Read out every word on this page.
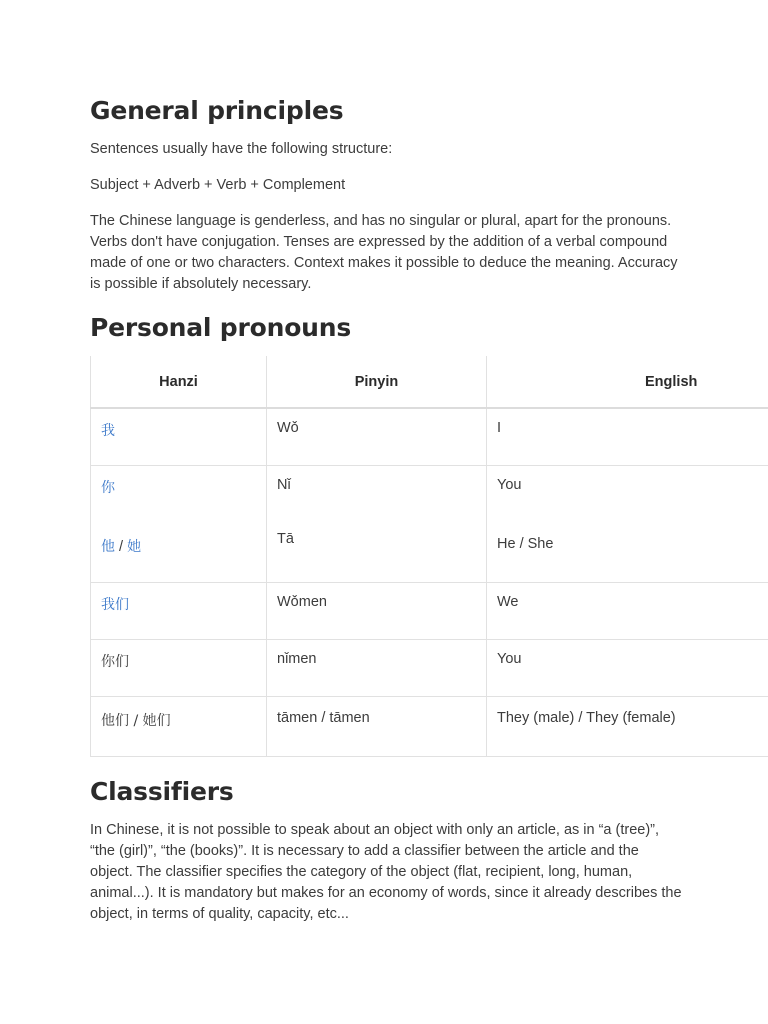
General principles

Sentences usually have the following structure:

Subject + Adverb + Verb + Complement

The Chinese language is genderless, and has no singular or plural, apart for the pronouns. Verbs don't have conjugation. Tenses are expressed by the addition of a verbal compound made of one or two characters. Context makes it possible to deduce the meaning. Accuracy is possible if absolutely necessary.

Personal pronouns
Hanzi	Pinyin	English
我	Wǒ	I
你	Nǐ	You
他 / 她	Tā	He / She
我们	Wǒmen	We
你们	nǐmen	You
他们 / 她们	tāmen / tāmen	They (male) / They (female)
Classifiers

In Chinese, it is not possible to speak about an object with only an article, as in “a (tree)”, “the (girl)”, “the (books)”. It is necessary to add a classifier between the article and the object. The classifier specifies the category of the object (flat, recipient, long, human, animal...). It is mandatory but makes for an economy of words, since it already describes the object, in terms of quality, capacity, etc...
